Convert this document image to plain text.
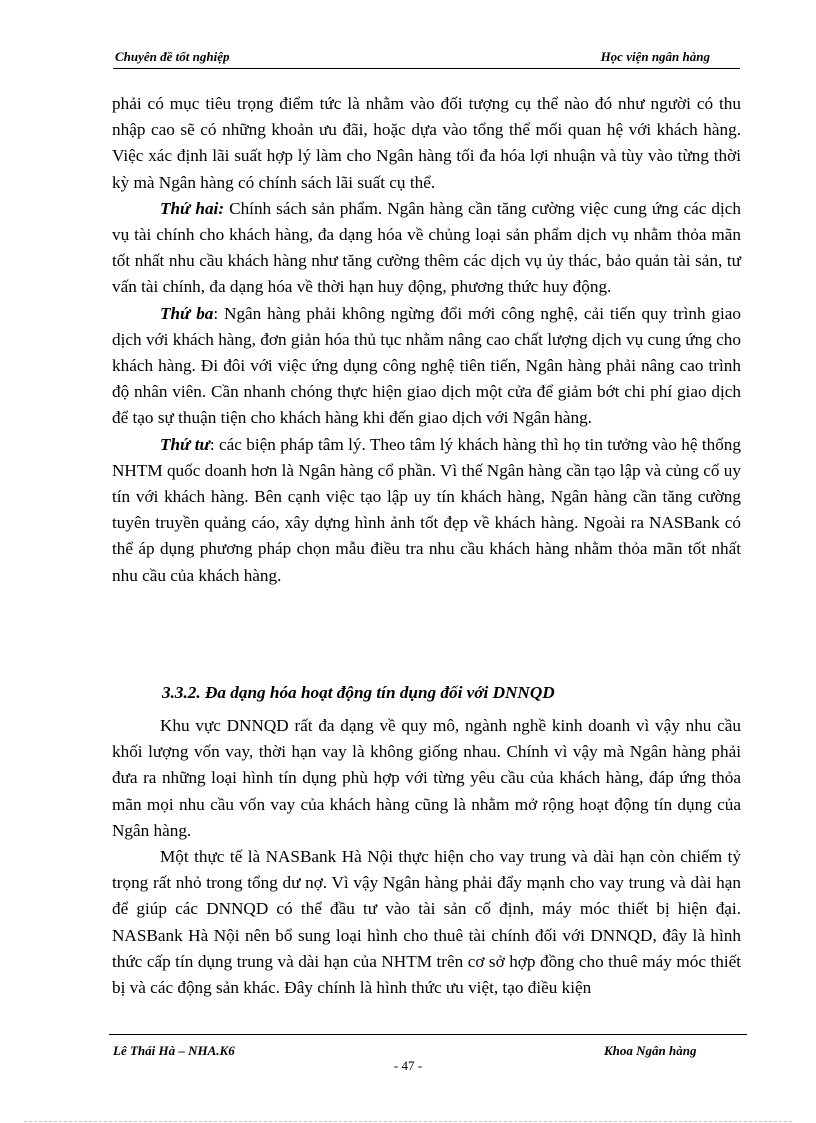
Chuyên đề tốt nghiệp	Học viện ngân hàng

phải có mục tiêu trọng điểm tức là nhằm vào đối tượng cụ thể nào đó như người có thu nhập cao sẽ có những khoản ưu đãi, hoặc dựa vào tổng thể mối quan hệ với khách hàng. Việc xác định lãi suất hợp lý làm cho Ngân hàng tối đa hóa lợi nhuận và tùy vào từng thời kỳ mà Ngân hàng có chính sách lãi suất cụ thể.

Thứ hai: Chính sách sản phẩm. Ngân hàng cần tăng cường việc cung ứng các dịch vụ tài chính cho khách hàng, đa dạng hóa về chủng loại sản phẩm dịch vụ nhằm thỏa mãn tốt nhất nhu cầu khách hàng như tăng cường thêm các dịch vụ ủy thác, bảo quản tài sản, tư vấn tài chính, đa dạng hóa về thời hạn huy động, phương thức huy động.

Thứ ba: Ngân hàng phải không ngừng đổi mới công nghệ, cải tiến quy trình giao dịch với khách hàng, đơn giản hóa thủ tục nhằm nâng cao chất lượng dịch vụ cung ứng cho khách hàng. Đi đôi với việc ứng dụng công nghệ tiên tiến, Ngân hàng phải nâng cao trình độ nhân viên. Cần nhanh chóng thực hiện giao dịch một cửa để giảm bớt chi phí giao dịch để tạo sự thuận tiện cho khách hàng khi đến giao dịch với Ngân hàng.

Thứ tư: các biện pháp tâm lý. Theo tâm lý khách hàng thì họ tin tưởng vào hệ thống NHTM quốc doanh hơn là Ngân hàng cổ phần. Vì thế Ngân hàng cần tạo lập và củng cố uy tín với khách hàng. Bên cạnh việc tạo lập uy tín khách hàng, Ngân hàng cần tăng cường tuyên truyền quảng cáo, xây dựng hình ảnh tốt đẹp về khách hàng. Ngoài ra NASBank có thể áp dụng phương pháp chọn mẫu điều tra nhu cầu khách hàng nhằm thỏa mãn tốt nhất nhu cầu của khách hàng.

3.3.2. Đa dạng hóa hoạt động tín dụng đối với DNNQD

Khu vực DNNQD rất đa dạng về quy mô, ngành nghề kinh doanh vì vậy nhu cầu khối lượng vốn vay, thời hạn vay là không giống nhau. Chính vì vậy mà Ngân hàng phải đưa ra những loại hình tín dụng phù hợp với từng yêu cầu của khách hàng, đáp ứng thỏa mãn mọi nhu cầu vốn vay của khách hàng cũng là nhằm mở rộng hoạt động tín dụng của Ngân hàng.

Một thực tế là NASBank Hà Nội thực hiện cho vay trung và dài hạn còn chiếm tỷ trọng rất nhỏ trong tổng dư nợ. Vì vậy Ngân hàng phải đẩy mạnh cho vay trung và dài hạn để giúp các DNNQD có thể đầu tư vào tài sản cố định, máy móc thiết bị hiện đại. NASBank Hà Nội nên bổ sung loại hình cho thuê tài chính đối với DNNQD, đây là hình thức cấp tín dụng trung và dài hạn của NHTM trên cơ sở hợp đồng cho thuê máy móc thiết bị và các động sản khác. Đây chính là hình thức ưu việt, tạo điều kiện

Lê Thái Hà – NHA.K6	Khoa Ngân hàng
- 47 -
